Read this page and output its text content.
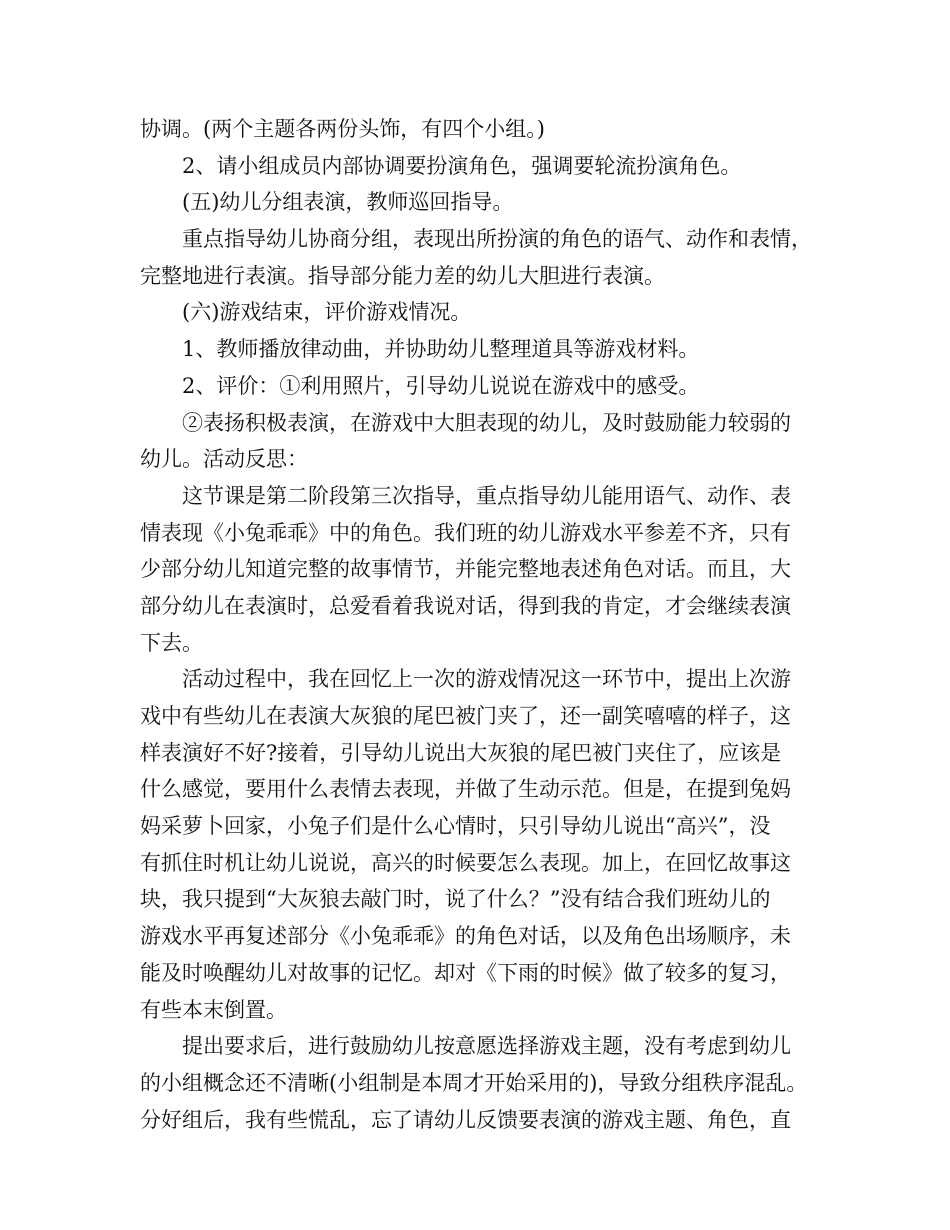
协调。(两个主题各两份头饰，有四个小组。)
2、请小组成员内部协调要扮演角色，强调要轮流扮演角色。
(五)幼儿分组表演，教师巡回指导。
重点指导幼儿协商分组，表现出所扮演的角色的语气、动作和表情，
完整地进行表演。指导部分能力差的幼儿大胆进行表演。
(六)游戏结束，评价游戏情况。
1、教师播放律动曲，并协助幼儿整理道具等游戏材料。
2、评价：①利用照片，引导幼儿说说在游戏中的感受。
②表扬积极表演，在游戏中大胆表现的幼儿，及时鼓励能力较弱的
幼儿。活动反思：
这节课是第二阶段第三次指导，重点指导幼儿能用语气、动作、表
情表现《小兔乖乖》中的角色。我们班的幼儿游戏水平参差不齐，只有
少部分幼儿知道完整的故事情节，并能完整地表述角色对话。而且，大
部分幼儿在表演时，总爱看着我说对话，得到我的肯定，才会继续表演
下去。
活动过程中，我在回忆上一次的游戏情况这一环节中，提出上次游
戏中有些幼儿在表演大灰狼的尾巴被门夹了，还一副笑嘻嘻的样子，这
样表演好不好?接着，引导幼儿说出大灰狼的尾巴被门夹住了，应该是
什么感觉，要用什么表情去表现，并做了生动示范。但是，在提到兔妈
妈采萝卜回家，小兔子们是什么心情时，只引导幼儿说出“高兴”，没
有抓住时机让幼儿说说，高兴的时候要怎么表现。加上，在回忆故事这
块，我只提到“大灰狼去敲门时，说了什么？”没有结合我们班幼儿的
游戏水平再复述部分《小兔乖乖》的角色对话，以及角色出场顺序，未
能及时唤醒幼儿对故事的记忆。却对《下雨的时候》做了较多的复习，
有些本末倒置。
提出要求后，进行鼓励幼儿按意愿选择游戏主题，没有考虑到幼儿
的小组概念还不清晰(小组制是本周才开始采用的)，导致分组秩序混乱。
分好组后，我有些慌乱，忘了请幼儿反馈要表演的游戏主题、角色，直
